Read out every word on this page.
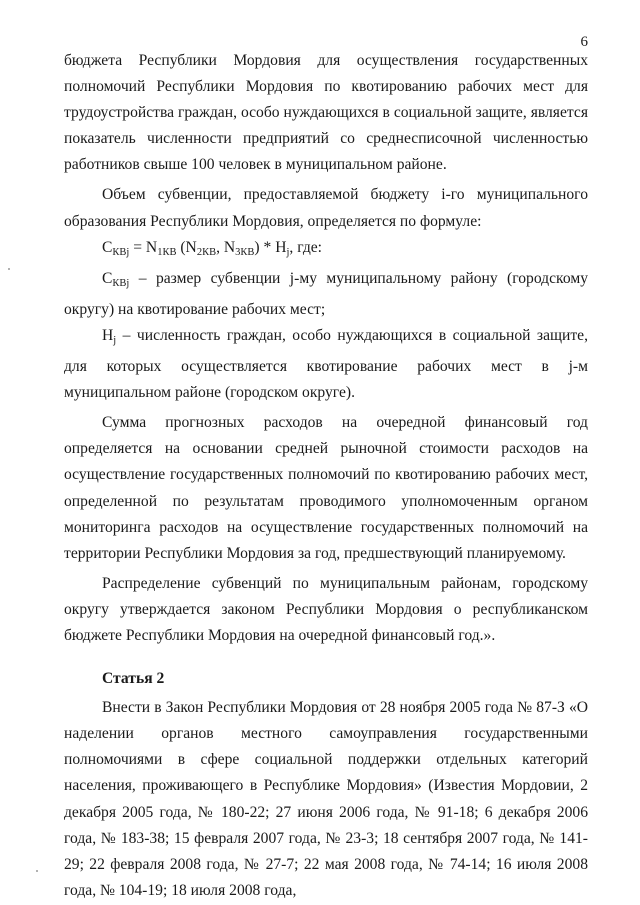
6

бюджета Республики Мордовия для осуществления государственных полномочий Республики Мордовия по квотированию рабочих мест для трудоустройства граждан, особо нуждающихся в социальной защите, является показатель численности предприятий со среднесписочной численностью работников свыше 100 человек в муниципальном районе.

Объем субвенции, предоставляемой бюджету i-го муниципального образования Республики Мордовия, определяется по формуле:

$С_{КВj} = N_{1КВ}$ ($N_{2КВ}$, $N_{3КВ}) * Н_j$, где:

$С_{КВj}$ – размер субвенции j-му муниципальному району (городскому округу) на квотирование рабочих мест;

$Н_j$ – численность граждан, особо нуждающихся в социальной защите, для которых осуществляется квотирование рабочих мест в j-м муниципальном районе (городском округе).

Сумма прогнозных расходов на очередной финансовый год определяется на основании средней рыночной стоимости расходов на осуществление государственных полномочий по квотированию рабочих мест, определенной по результатам проводимого уполномоченным органом мониторинга расходов на осуществление государственных полномочий на территории Республики Мордовия за год, предшествующий планируемому.

Распределение субвенций по муниципальным районам, городскому округу утверждается законом Республики Мордовия о республиканском бюджете Республики Мордовия на очередной финансовый год.».

Статья 2

Внести в Закон Республики Мордовия от 28 ноября 2005 года № 87-З «О наделении органов местного самоуправления государственными полномочиями в сфере социальной поддержки отдельных категорий населения, проживающего в Республике Мордовия» (Известия Мордовии, 2 декабря 2005 года, № 180-22; 27 июня 2006 года, № 91-18; 6 декабря 2006 года, № 183-38; 15 февраля 2007 года, № 23-3; 18 сентября 2007 года, № 141-29; 22 февраля 2008 года, № 27-7; 22 мая 2008 года, № 74-14; 16 июля 2008 года, № 104-19; 18 июля 2008 года,
